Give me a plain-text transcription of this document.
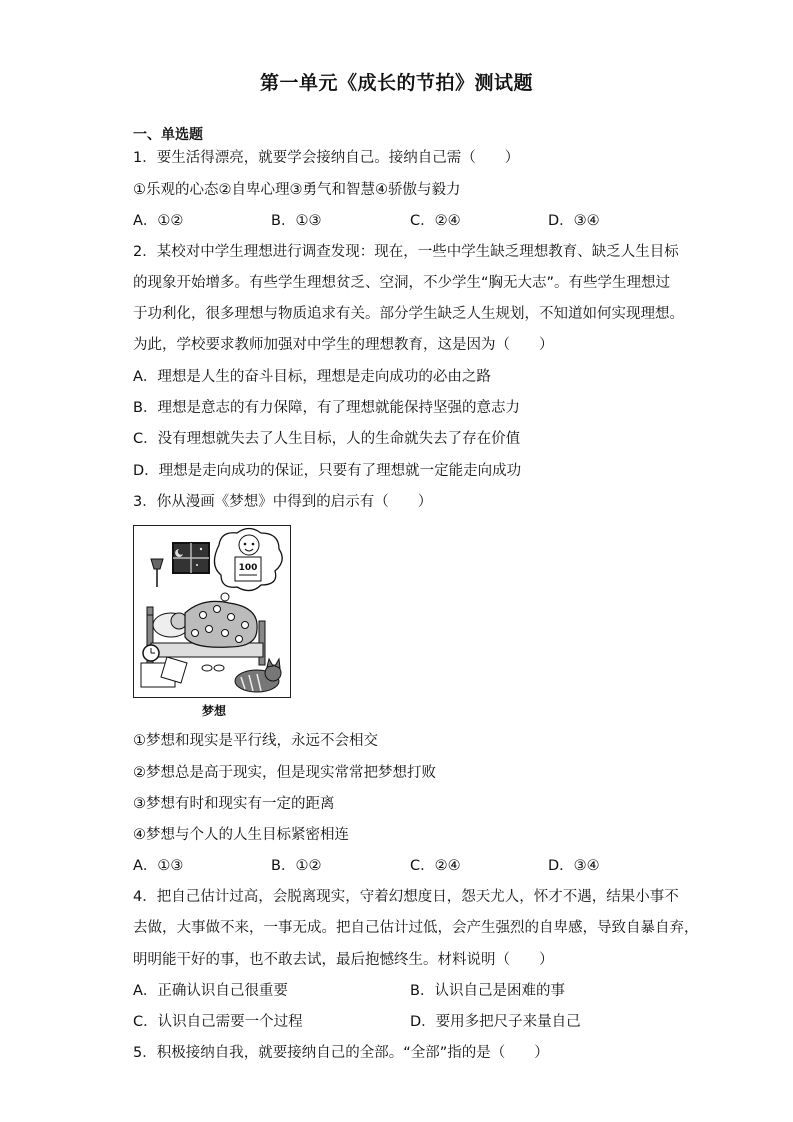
第一单元《成长的节拍》测试题
一、单选题
1．要生活得漂亮，就要学会接纳自己。接纳自己需（　　）
①乐观的心态②自卑心理③勇气和智慧④骄傲与毅力
A．①②	B．①③	C．②④	D．③④
2．某校对中学生理想进行调查发现：现在，一些中学生缺乏理想教育、缺乏人生目标
的现象开始增多。有些学生理想贫乏、空洞，不少学生“胸无大志”。有些学生理想过
于功利化，很多理想与物质追求有关。部分学生缺乏人生规划，不知道如何实现理想。
为此，学校要求教师加强对中学生的理想教育，这是因为（　　）
A．理想是人生的奋斗目标，理想是走向成功的必由之路
B．理想是意志的有力保障，有了理想就能保持坚强的意志力
C．没有理想就失去了人生目标，人的生命就失去了存在价值
D．理想是走向成功的保证，只要有了理想就一定能走向成功
3．你从漫画《梦想》中得到的启示有（　　）
100
梦想
①梦想和现实是平行线，永远不会相交
②梦想总是高于现实，但是现实常常把梦想打败
③梦想有时和现实有一定的距离
④梦想与个人的人生目标紧密相连
A．①③	B．①②	C．②④	D．③④
4．把自己估计过高，会脱离现实，守着幻想度日，怨天尤人，怀才不遇，结果小事不
去做，大事做不来，一事无成。把自己估计过低，会产生强烈的自卑感，导致自暴自弃，
明明能干好的事，也不敢去试，最后抱憾终生。材料说明（　　）
A．正确认识自己很重要	B．认识自己是困难的事
C．认识自己需要一个过程	D．要用多把尺子来量自己
5．积极接纳自我，就要接纳自己的全部。“全部”指的是（　　）
